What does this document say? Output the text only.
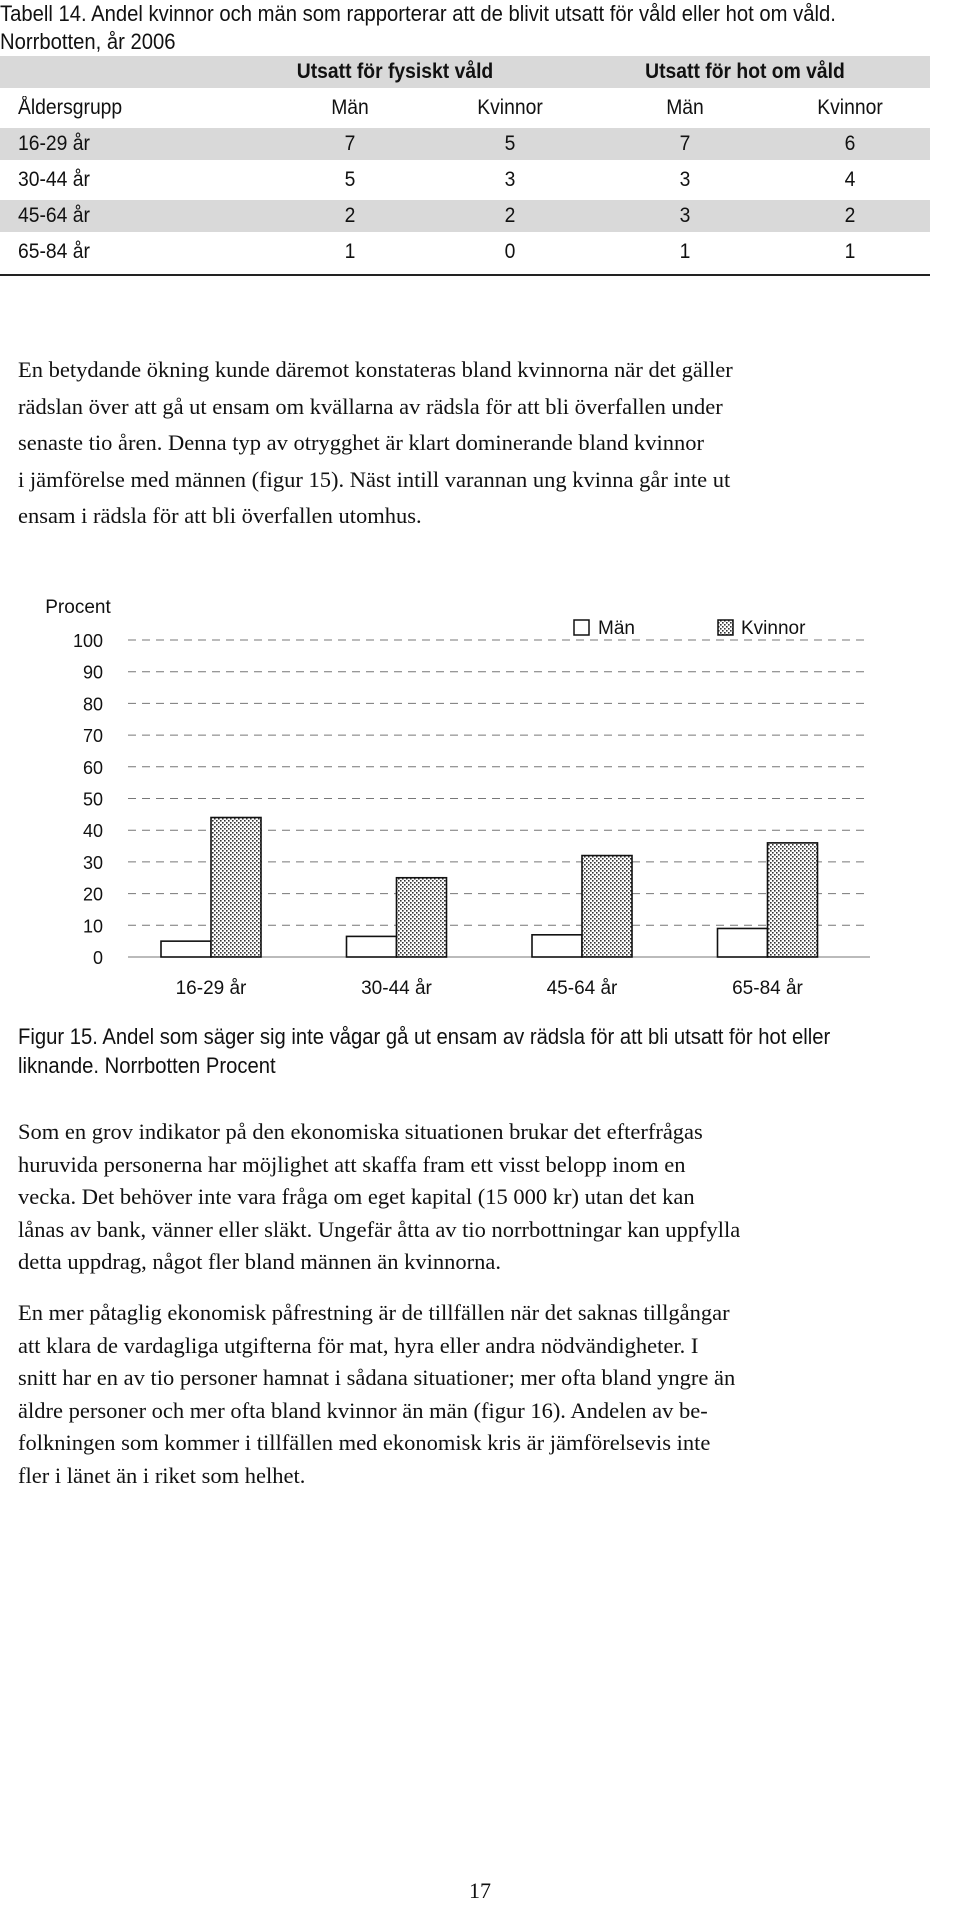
Tabell 14. Andel kvinnor och män som rapporterar att de blivit utsatt för våld eller hot om våld.
Norrbotten, år 2006
Utsatt för fysiskt våld	Utsatt för hot om våld
Åldersgrupp	Män	Kvinnor	Män	Kvinnor
16-29 år	7	5	7	6
30-44 år	5	3	3	4
45-64 år	2	2	3	2
65-84 år	1	0	1	1
En betydande ökning kunde däremot konstateras bland kvinnorna när det gäller
rädslan över att gå ut ensam om kvällarna av rädsla för att bli överfallen under
senaste tio åren. Denna typ av otrygghet är klart dominerande bland kvinnor
i jämförelse med männen (figur 15). Näst intill varannan ung kvinna går inte ut
ensam i rädsla för att bli överfallen utomhus.
Procent
0
10
20
30
40
50
60
70
80
90
100
16-29 år	30-44 år	45-64 år	65-84 år
Män	Kvinnor
Figur 15. Andel som säger sig inte vågar gå ut ensam av rädsla för att bli utsatt för hot eller
liknande. Norrbotten Procent
Som en grov indikator på den ekonomiska situationen brukar det efterfrågas
huruvida personerna har möjlighet att skaffa fram ett visst belopp inom en
vecka. Det behöver inte vara fråga om eget kapital (15 000 kr) utan det kan
lånas av bank, vänner eller släkt. Ungefär åtta av tio norrbottningar kan uppfylla
detta uppdrag, något fler bland männen än kvinnorna.
En mer påtaglig ekonomisk påfrestning är de tillfällen när det saknas tillgångar
att klara de vardagliga utgifterna för mat, hyra eller andra nödvändigheter. I
snitt har en av tio personer hamnat i sådana situationer; mer ofta bland yngre än
äldre personer och mer ofta bland kvinnor än män (figur 16). Andelen av be-
folkningen som kommer i tillfällen med ekonomisk kris är jämförelsevis inte
fler i länet än i riket som helhet.
17
